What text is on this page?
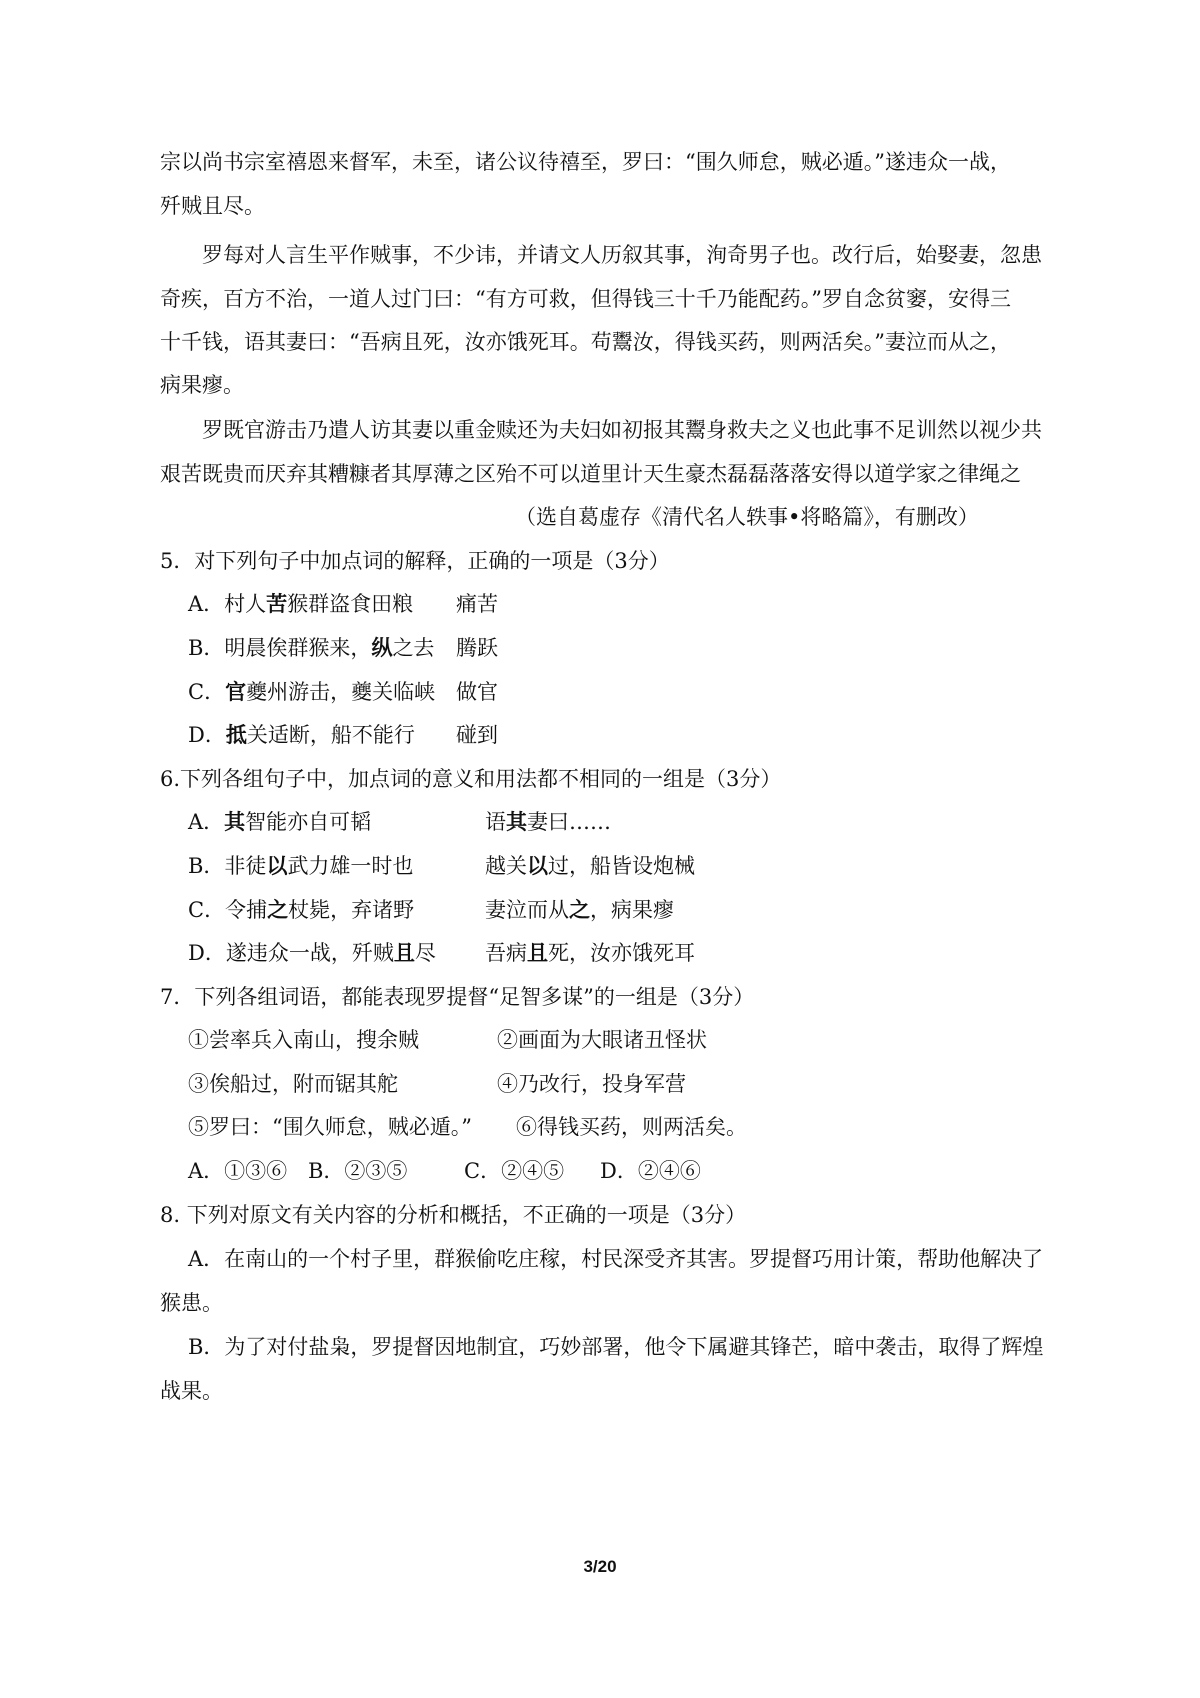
宗以尚书宗室禧恩来督军，未至，诸公议待禧至，罗曰：“围久师怠，贼必遁。”遂违众一战，
歼贼且尽。
罗每对人言生平作贼事，不少讳，并请文人历叙其事，洵奇男子也。改行后，始娶妻，忽患
奇疾，百方不治，一道人过门曰：“有方可救，但得钱三十千乃能配药。”罗自念贫窭，安得三
十千钱，语其妻曰：“吾病且死，汝亦饿死耳。苟鬻汝，得钱买药，则两活矣。”妻泣而从之，
病果瘳。
罗既官游击乃遣人访其妻以重金赎还为夫妇如初报其鬻身救夫之义也此事不足训然以视少共
艰苦既贵而厌弃其糟糠者其厚薄之区殆不可以道里计天生豪杰磊磊落落安得以道学家之律绳之
（选自葛虚存《清代名人轶事•将略篇》，有删改）
5．对下列句子中加点词的解释，正确的一项是（3分）
A．村人苦猴群盗食田粮 痛苦
B．明晨俟群猴来，纵之去 腾跃
C．官夔州游击，夔关临峡 做官
D．抵关适断，船不能行 碰到
6.下列各组句子中，加点词的意义和用法都不相同的一组是（3分）
A．其智能亦自可韬	语其妻曰……
B．非徒以武力雄一时也	越关以过，船皆设炮械
C．令捕之杖毙，弃诸野	妻泣而从之，病果瘳
D．遂违众一战，歼贼且尽 吾病且死，汝亦饿死耳
7．下列各组词语，都能表现罗提督“足智多谋”的一组是（3分）
①尝率兵入南山，搜余贼	②画面为大眼诸丑怪状
③俟船过，附而锯其舵	④乃改行，投身军营
⑤罗曰：“围久师怠，贼必遁。” ⑥得钱买药，则两活矣。
A．①③⑥ B．②③⑤	C．②④⑤ D．②④⑥
8. 下列对原文有关内容的分析和概括，不正确的一项是（3分）
A．在南山的一个村子里，群猴偷吃庄稼，村民深受齐其害。罗提督巧用计策，帮助他解决了
猴患。
B．为了对付盐枭，罗提督因地制宜，巧妙部署，他令下属避其锋芒，暗中袭击，取得了辉煌
战果。
3/20
